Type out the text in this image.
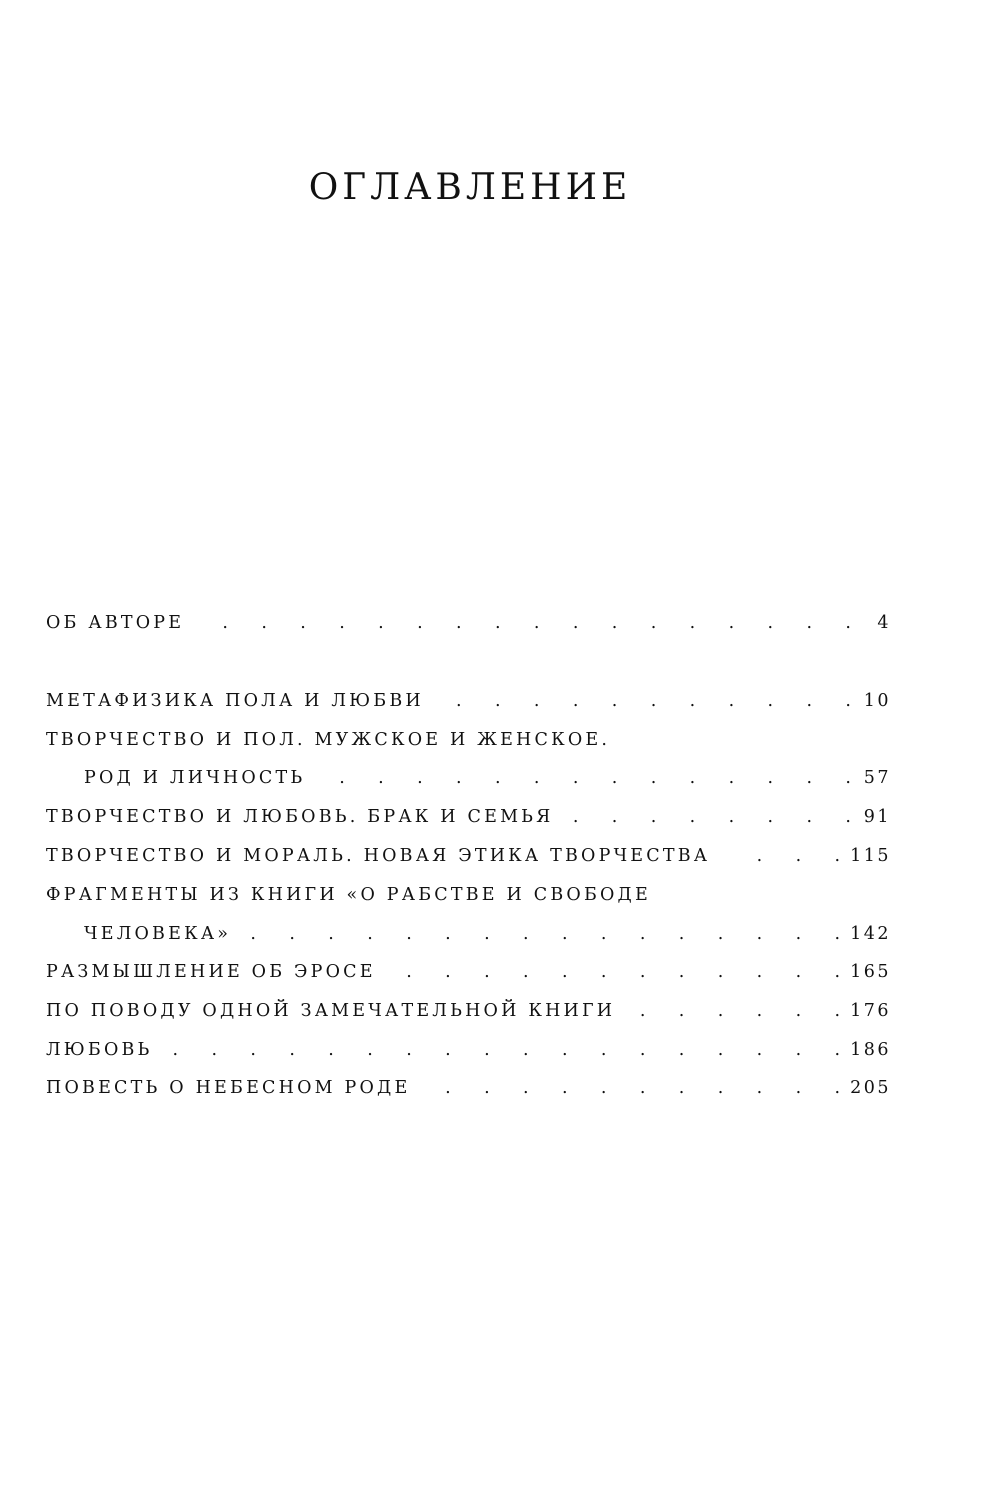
ОГЛАВЛЕНИЕ
ОБ АВТОРЕ .	4
МЕТАФИЗИКА ПОЛА И ЛЮБВИ .	10
ТВОРЧЕСТВО И ПОЛ. МУЖСКОЕ И ЖЕНСКОЕ.
РОД И ЛИЧНОСТЬ .	57
ТВОРЧЕСТВО И ЛЮБОВЬ. БРАК И СЕМЬЯ .	91
ТВОРЧЕСТВО И МОРАЛЬ. НОВАЯ ЭТИКА ТВОРЧЕСТВА .	115
ФРАГМЕНТЫ ИЗ КНИГИ «О РАБСТВЕ И СВОБОДЕ
ЧЕЛОВЕКА» .	142
РАЗМЫШЛЕНИЕ ОБ ЭРОСЕ .	165
ПО ПОВОДУ ОДНОЙ ЗАМЕЧАТЕЛЬНОЙ КНИГИ .	176
ЛЮБОВЬ .	186
ПОВЕСТЬ О НЕБЕСНОМ РОДЕ .	205
